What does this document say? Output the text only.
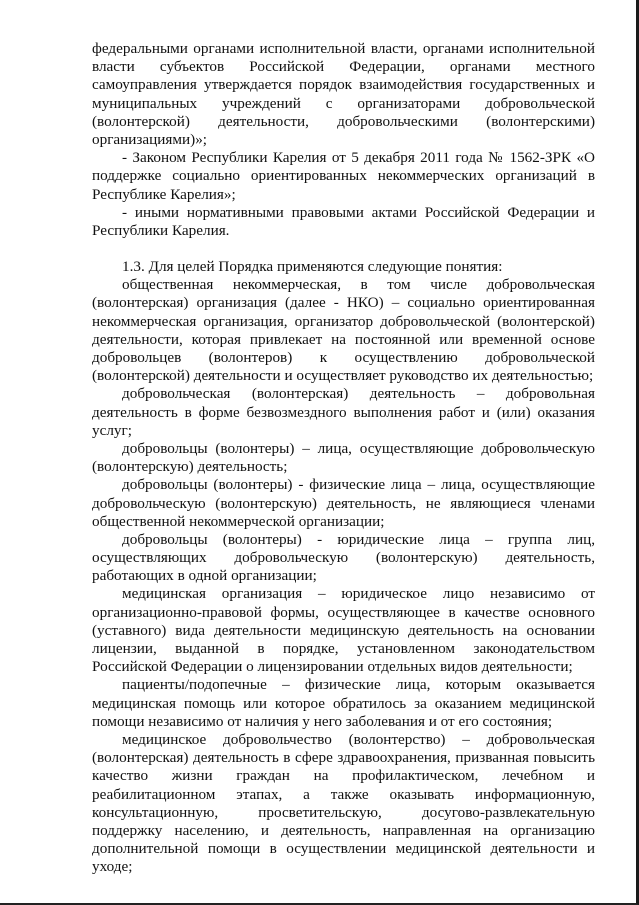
федеральными органами исполнительной власти, органами исполнительной
власти субъектов Российской Федерации, органами местного
самоуправления утверждается порядок взаимодействия государственных и
муниципальных учреждений с организаторами добровольческой
(волонтерской) деятельности, добровольческими (волонтерскими)
организациями)»;
- Законом Республики Карелия от 5 декабря 2011 года № 1562-ЗРК «О
поддержке социально ориентированных некоммерческих организаций в
Республике Карелия»;
- иными нормативными правовыми актами Российской Федерации и
Республики Карелия.
1.3. Для целей Порядка применяются следующие понятия:
общественная некоммерческая, в том числе добровольческая
(волонтерская) организация (далее - НКО) – социально ориентированная
некоммерческая организация, организатор добровольческой (волонтерской)
деятельности, которая привлекает на постоянной или временной основе
добровольцев (волонтеров) к осуществлению добровольческой
(волонтерской) деятельности и осуществляет руководство их деятельностью;
добровольческая (волонтерская) деятельность – добровольная
деятельность в форме безвозмездного выполнения работ и (или) оказания
услуг;
добровольцы (волонтеры) – лица, осуществляющие добровольческую
(волонтерскую) деятельность;
добровольцы (волонтеры) - физические лица – лица, осуществляющие
добровольческую (волонтерскую) деятельность, не являющиеся членами
общественной некоммерческой организации;
добровольцы (волонтеры) - юридические лица – группа лиц,
осуществляющих добровольческую (волонтерскую) деятельность,
работающих в одной организации;
медицинская организация – юридическое лицо независимо от
организационно-правовой формы, осуществляющее в качестве основного
(уставного) вида деятельности медицинскую деятельность на основании
лицензии, выданной в порядке, установленном законодательством
Российской Федерации о лицензировании отдельных видов деятельности;
пациенты/подопечные – физические лица, которым оказывается
медицинская помощь или которое обратилось за оказанием медицинской
помощи независимо от наличия у него заболевания и от его состояния;
медицинское добровольчество (волонтерство) – добровольческая
(волонтерская) деятельность в сфере здравоохранения, призванная повысить
качество жизни граждан на профилактическом, лечебном и
реабилитационном этапах, а также оказывать информационную,
консультационную, просветительскую, досугово-развлекательную
поддержку населению, и деятельность, направленная на организацию
дополнительной помощи в осуществлении медицинской деятельности и
уходе;
